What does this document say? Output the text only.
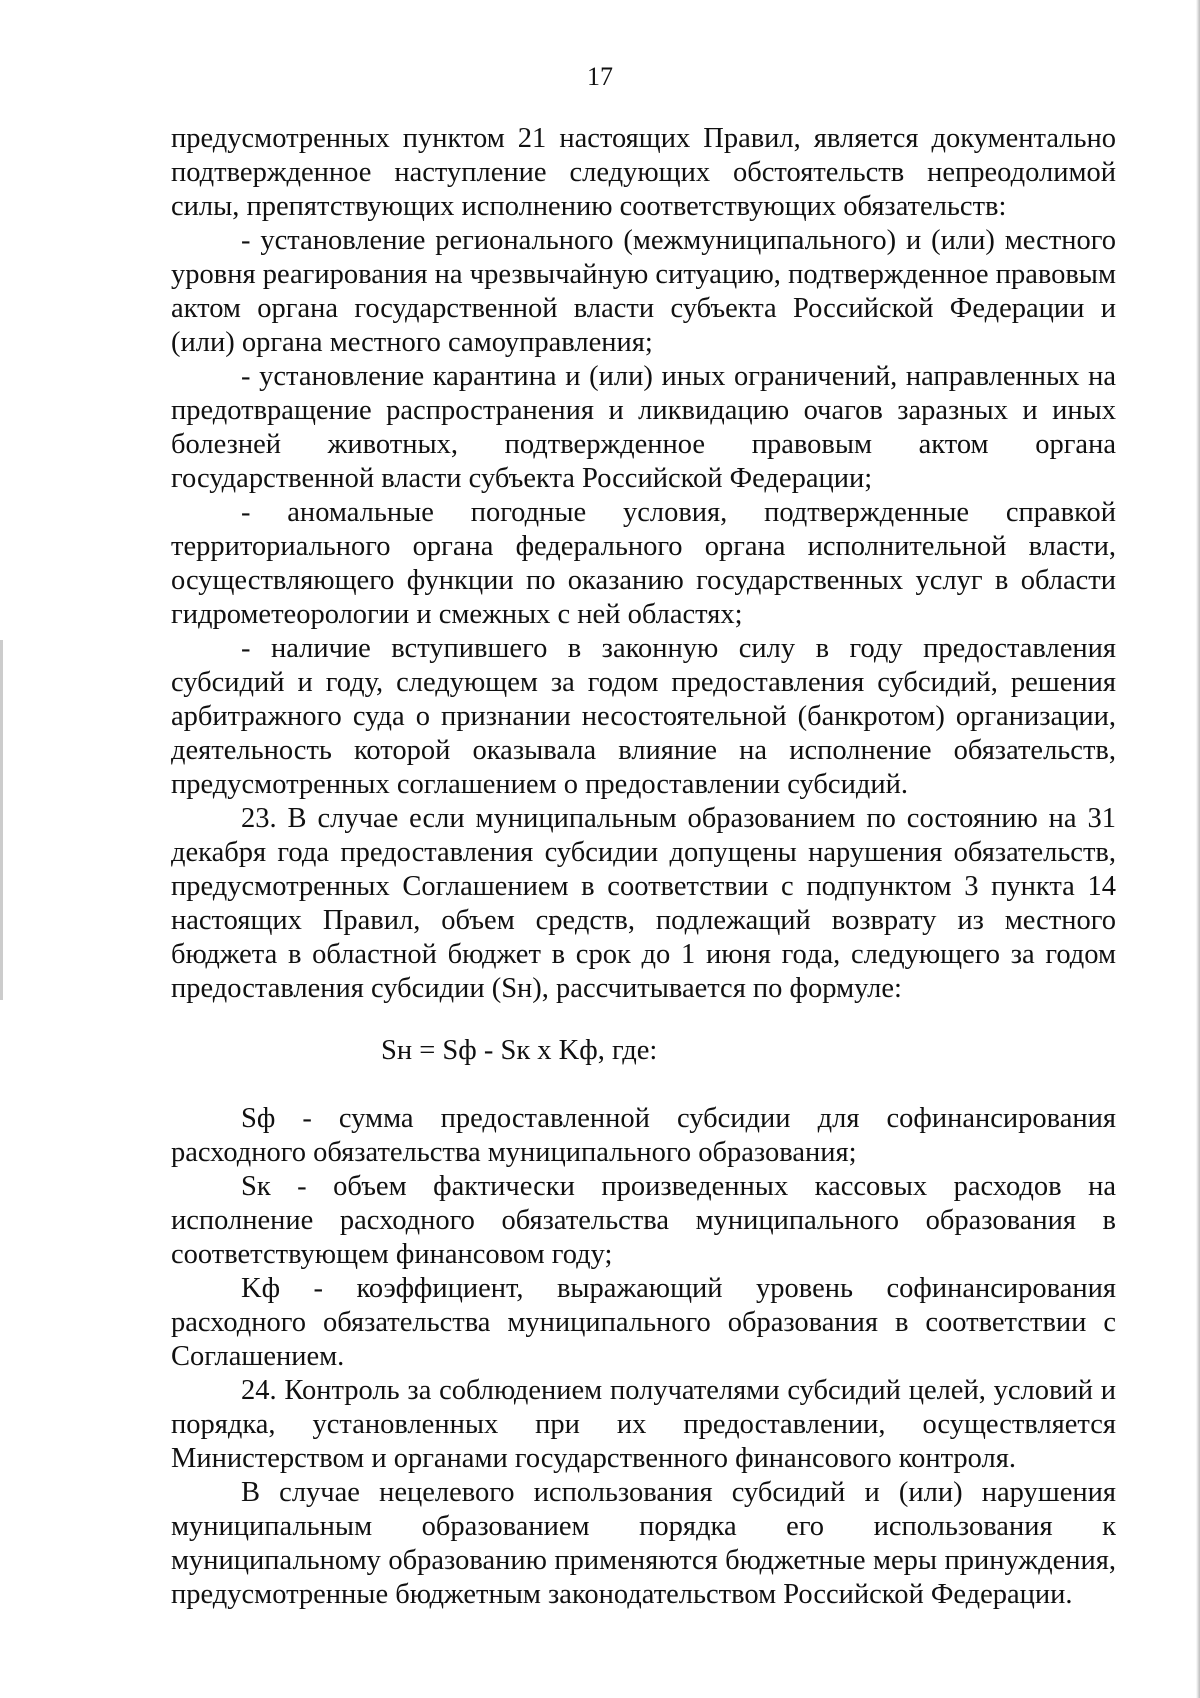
17

предусмотренных пунктом 21 настоящих Правил, является документально подтвержденное наступление следующих обстоятельств непреодолимой силы, препятствующих исполнению соответствующих обязательств:

- установление регионального (межмуниципального) и (или) местного уровня реагирования на чрезвычайную ситуацию, подтвержденное правовым актом органа государственной власти субъекта Российской Федерации и (или) органа местного самоуправления;

- установление карантина и (или) иных ограничений, направленных на предотвращение распространения и ликвидацию очагов заразных и иных болезней животных, подтвержденное правовым актом органа государственной власти субъекта Российской Федерации;

- аномальные погодные условия, подтвержденные справкой территориального органа федерального органа исполнительной власти, осуществляющего функции по оказанию государственных услуг в области гидрометеорологии и смежных с ней областях;

- наличие вступившего в законную силу в году предоставления субсидий и году, следующем за годом предоставления субсидий, решения арбитражного суда о признании несостоятельной (банкротом) организации, деятельность которой оказывала влияние на исполнение обязательств, предусмотренных соглашением о предоставлении субсидий.

23. В случае если муниципальным образованием по состоянию на 31 декабря года предоставления субсидии допущены нарушения обязательств, предусмотренных Соглашением в соответствии с подпунктом 3 пункта 14 настоящих Правил, объем средств, подлежащий возврату из местного бюджета в областной бюджет в срок до 1 июня года, следующего за годом предоставления субсидии (Sн), рассчитывается по формуле:

Sн = Sф - Sк x Kф, где:

Sф - сумма предоставленной субсидии для софинансирования расходного обязательства муниципального образования;

Sк - объем фактически произведенных кассовых расходов на исполнение расходного обязательства муниципального образования в соответствующем финансовом году;

Kф - коэффициент, выражающий уровень софинансирования расходного обязательства муниципального образования в соответствии с Соглашением.

24. Контроль за соблюдением получателями субсидий целей, условий и порядка, установленных при их предоставлении, осуществляется Министерством и органами государственного финансового контроля.

В случае нецелевого использования субсидий и (или) нарушения муниципальным образованием порядка его использования к муниципальному образованию применяются бюджетные меры принуждения, предусмотренные бюджетным законодательством Российской Федерации.
